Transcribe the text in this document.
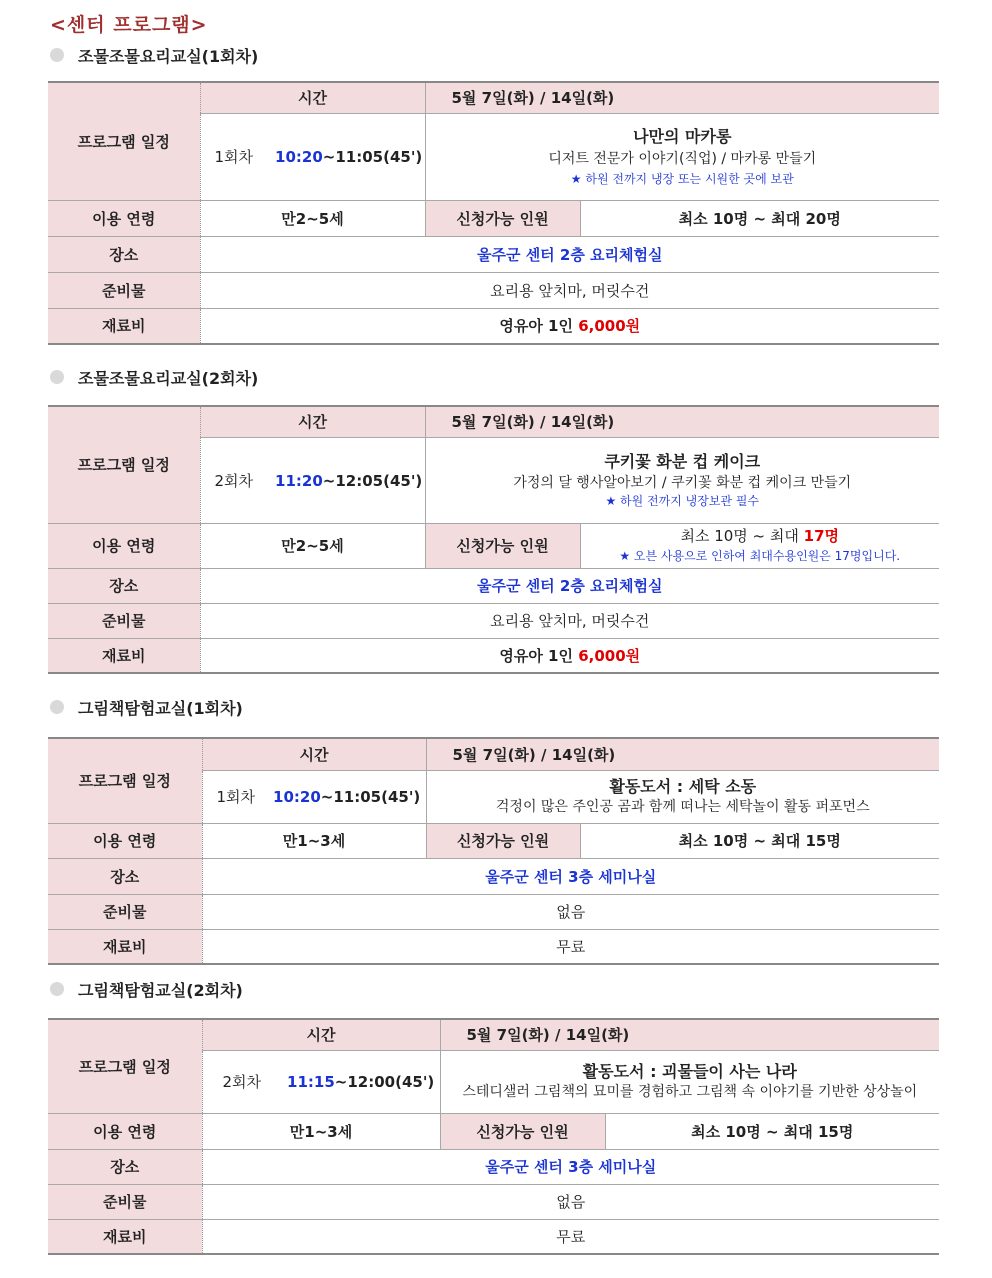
<센터 프로그램>
조물조물요리교실(1회차)
프로그램 일정	시간	5월 7일(화) / 14일(화)	
	1회차 10:20~11:05(45')	나만의 마카롱
디저트 전문가 이야기(직업) / 마카롱 만들기
★ 하원 전까지 냉장 또는 시원한 곳에 보관	

이용 연령	만2~5세	신청가능 인원	최소 10명 ~ 최대 20명
장소	울주군 센터 2층 요리체험실		
준비물	요리용 앞치마, 머릿수건		
재료비	영유아 1인 6,000원		
조물조물요리교실(2회차)
프로그램 일정	시간	5월 7일(화) / 14일(화)	
	2회차 11:20~12:05(45')	쿠키꽃 화분 컵 케이크
가정의 달 행사알아보기 / 쿠키꽃 화분 컵 케이크 만들기
★ 하원 전까지 냉장보관 필수	

이용 연령	만2~5세	신청가능 인원	최소 10명 ~ 최대 17명
★ 오븐 사용으로 인하여 최대수용인원은 17명입니다.

장소	울주군 센터 2층 요리체험실		
준비물	요리용 앞치마, 머릿수건		
재료비	영유아 1인 6,000원		
그림책탐험교실(1회차)
프로그램 일정	시간	5월 7일(화) / 14일(화)	
	1회차 10:20~11:05(45')	활동도서 : 세탁 소동
걱정이 많은 주인공 곰과 함께 떠나는 세탁놀이 활동 퍼포먼스	

이용 연령	만1~3세	신청가능 인원	최소 10명 ~ 최대 15명
장소	울주군 센터 3층 세미나실		
준비물	없음		
재료비	무료		
그림책탐험교실(2회차)
프로그램 일정	시간	5월 7일(화) / 14일(화)	
	2회차 11:15~12:00(45')	활동도서 : 괴물들이 사는 나라
스테디샐러 그림책의 묘미를 경험하고 그림책 속 이야기를 기반한 상상놀이	

이용 연령	만1~3세	신청가능 인원	최소 10명 ~ 최대 15명
장소	울주군 센터 3층 세미나실		
준비물	없음		
재료비	무료		
